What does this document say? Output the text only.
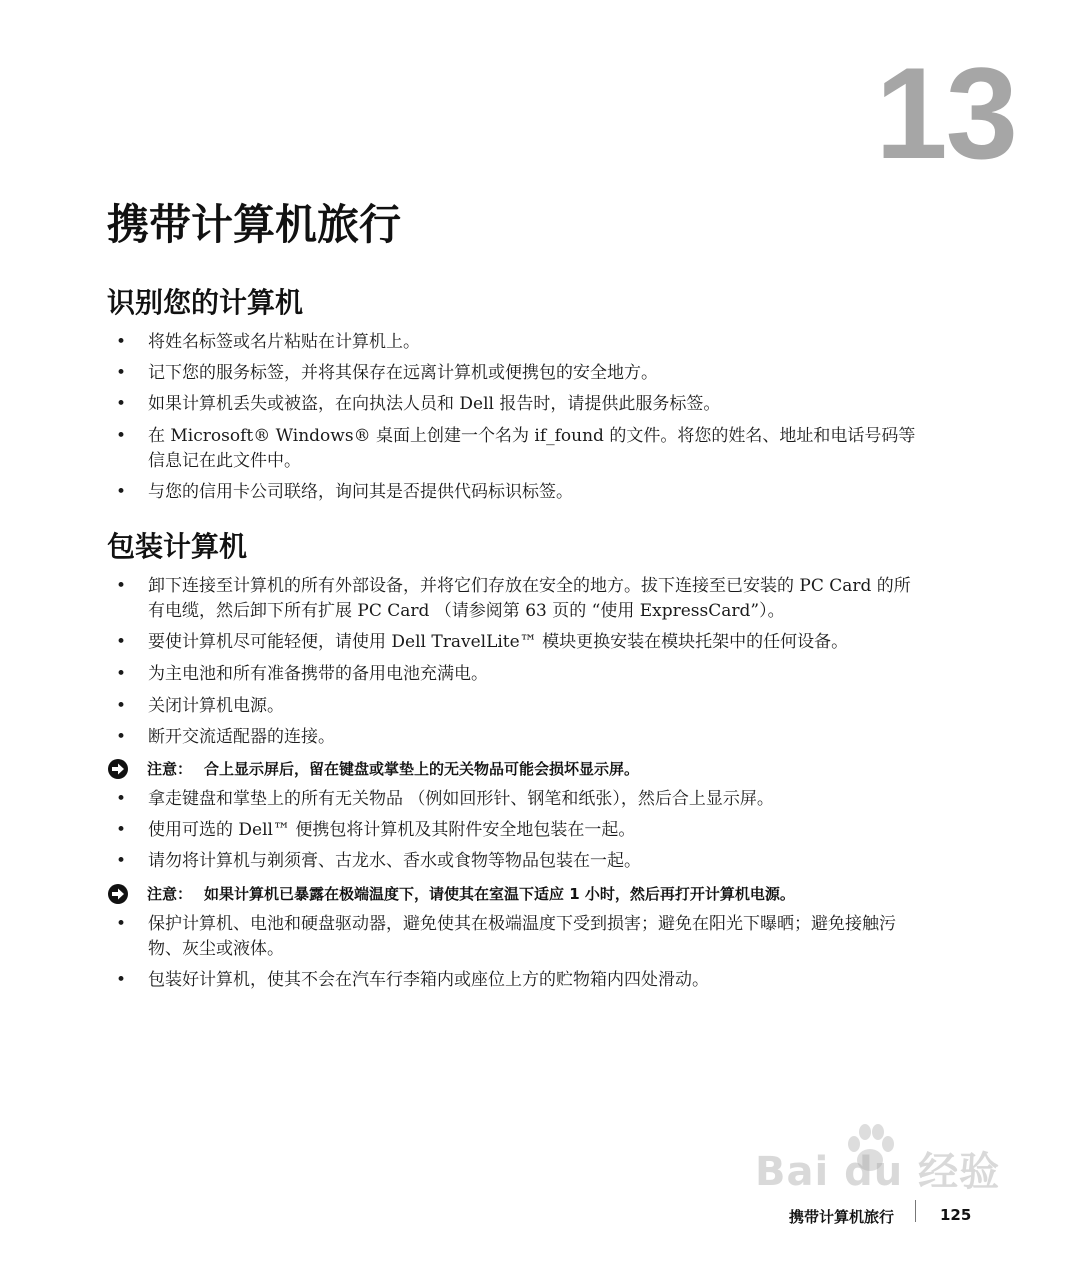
13
携带计算机旅行
识别您的计算机
•	将姓名标签或名片粘贴在计算机上。
•	记下您的服务标签，并将其保存在远离计算机或便携包的安全地方。
•	如果计算机丢失或被盗，在向执法人员和 Dell 报告时，请提供此服务标签。
•	在 Microsoft® Windows® 桌面上创建一个名为 if_found 的文件。将您的姓名、地址和电话号码等信息记在此文件中。
•	与您的信用卡公司联络，询问其是否提供代码标识标签。
包装计算机
•	卸下连接至计算机的所有外部设备，并将它们存放在安全的地方。拔下连接至已安装的 PC Card 的所有电缆，然后卸下所有扩展 PC Card （请参阅第 63 页的 “使用 ExpressCard”）。
•	要使计算机尽可能轻便，请使用 Dell TravelLite™ 模块更换安装在模块托架中的任何设备。
•	为主电池和所有准备携带的备用电池充满电。
•	关闭计算机电源。
•	断开交流适配器的连接。
注意： 合上显示屏后，留在键盘或掌垫上的无关物品可能会损坏显示屏。
•	拿走键盘和掌垫上的所有无关物品 （例如回形针、钢笔和纸张），然后合上显示屏。
•	使用可选的 Dell™ 便携包将计算机及其附件安全地包装在一起。
•	请勿将计算机与剃须膏、古龙水、香水或食物等物品包装在一起。
注意： 如果计算机已暴露在极端温度下，请使其在室温下适应 1 小时，然后再打开计算机电源。
•	保护计算机、电池和硬盘驱动器，避免使其在极端温度下受到损害；避免在阳光下曝晒；避免接触污物、灰尘或液体。
•	包装好计算机，使其不会在汽车行李箱内或座位上方的贮物箱内四处滑动。
Bai du 经验
携带计算机旅行	125
